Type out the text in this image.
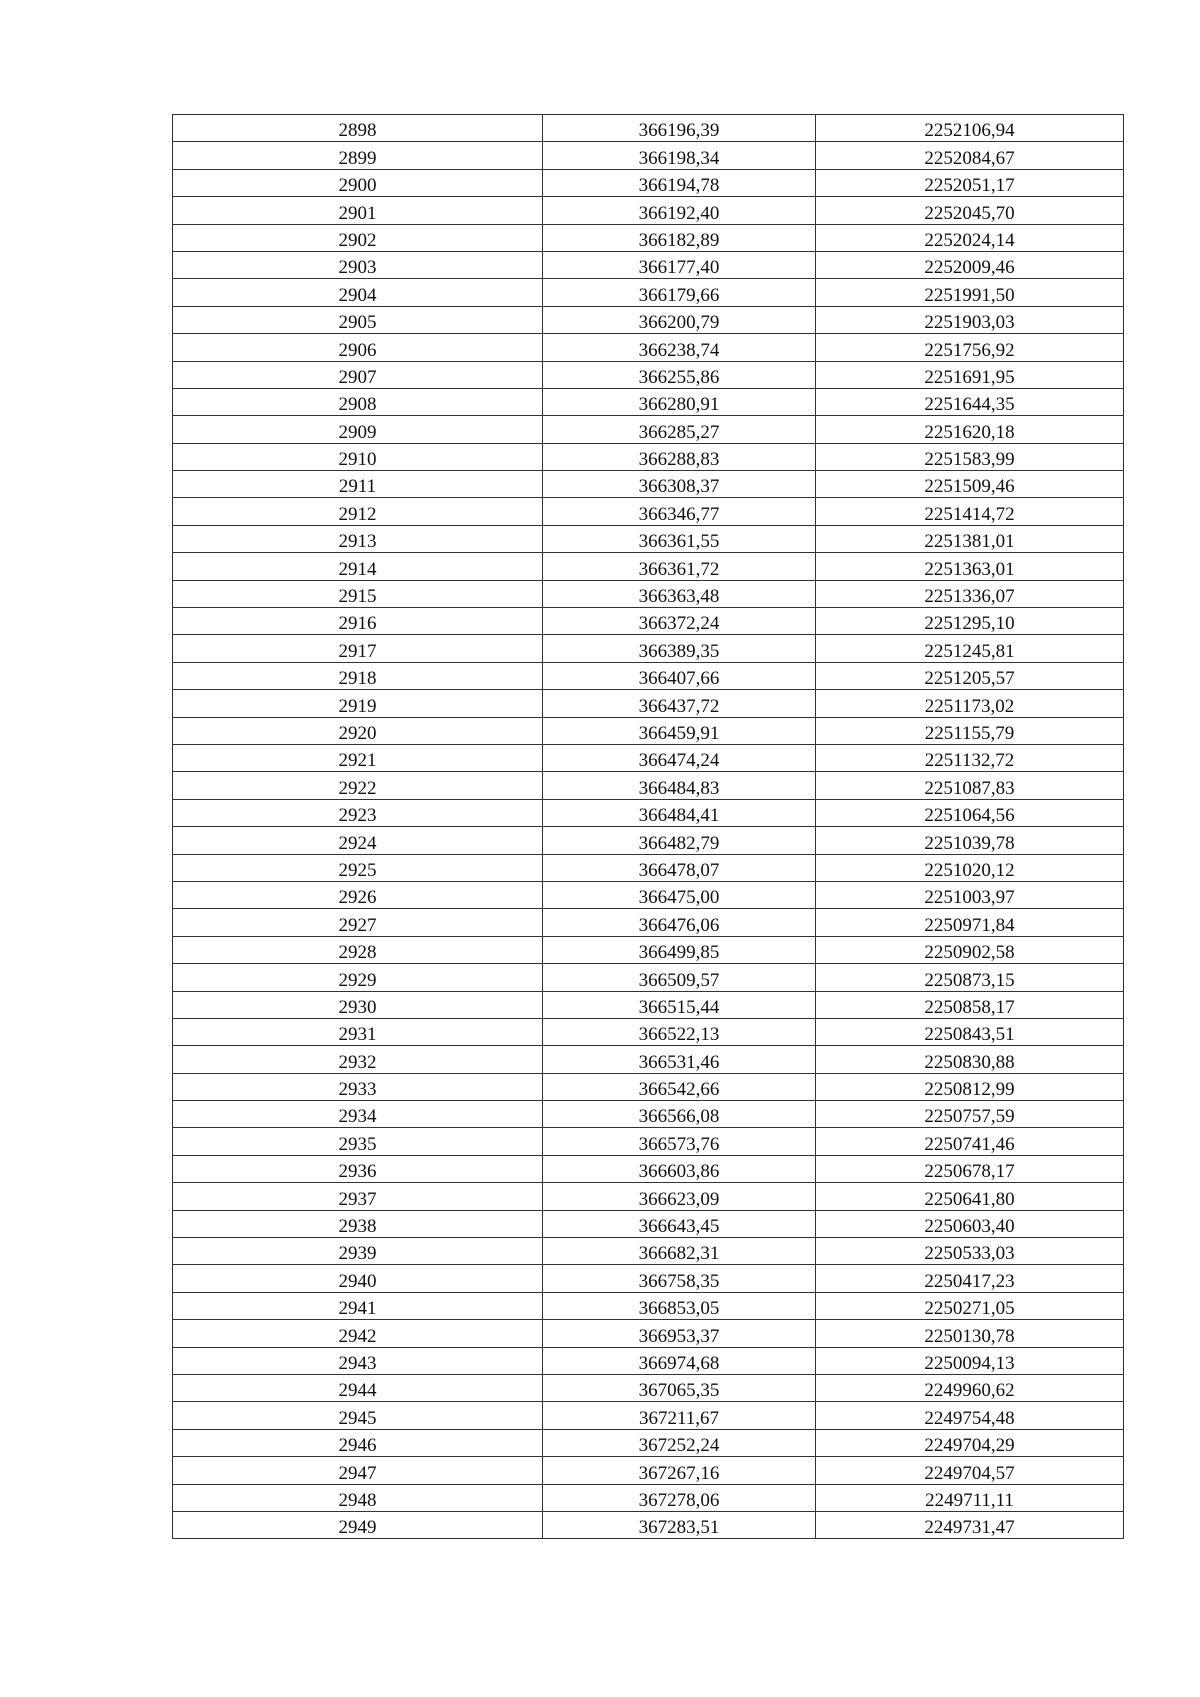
2898	366196,39	2252106,94
2899	366198,34	2252084,67
2900	366194,78	2252051,17
2901	366192,40	2252045,70
2902	366182,89	2252024,14
2903	366177,40	2252009,46
2904	366179,66	2251991,50
2905	366200,79	2251903,03
2906	366238,74	2251756,92
2907	366255,86	2251691,95
2908	366280,91	2251644,35
2909	366285,27	2251620,18
2910	366288,83	2251583,99
2911	366308,37	2251509,46
2912	366346,77	2251414,72
2913	366361,55	2251381,01
2914	366361,72	2251363,01
2915	366363,48	2251336,07
2916	366372,24	2251295,10
2917	366389,35	2251245,81
2918	366407,66	2251205,57
2919	366437,72	2251173,02
2920	366459,91	2251155,79
2921	366474,24	2251132,72
2922	366484,83	2251087,83
2923	366484,41	2251064,56
2924	366482,79	2251039,78
2925	366478,07	2251020,12
2926	366475,00	2251003,97
2927	366476,06	2250971,84
2928	366499,85	2250902,58
2929	366509,57	2250873,15
2930	366515,44	2250858,17
2931	366522,13	2250843,51
2932	366531,46	2250830,88
2933	366542,66	2250812,99
2934	366566,08	2250757,59
2935	366573,76	2250741,46
2936	366603,86	2250678,17
2937	366623,09	2250641,80
2938	366643,45	2250603,40
2939	366682,31	2250533,03
2940	366758,35	2250417,23
2941	366853,05	2250271,05
2942	366953,37	2250130,78
2943	366974,68	2250094,13
2944	367065,35	2249960,62
2945	367211,67	2249754,48
2946	367252,24	2249704,29
2947	367267,16	2249704,57
2948	367278,06	2249711,11
2949	367283,51	2249731,47
